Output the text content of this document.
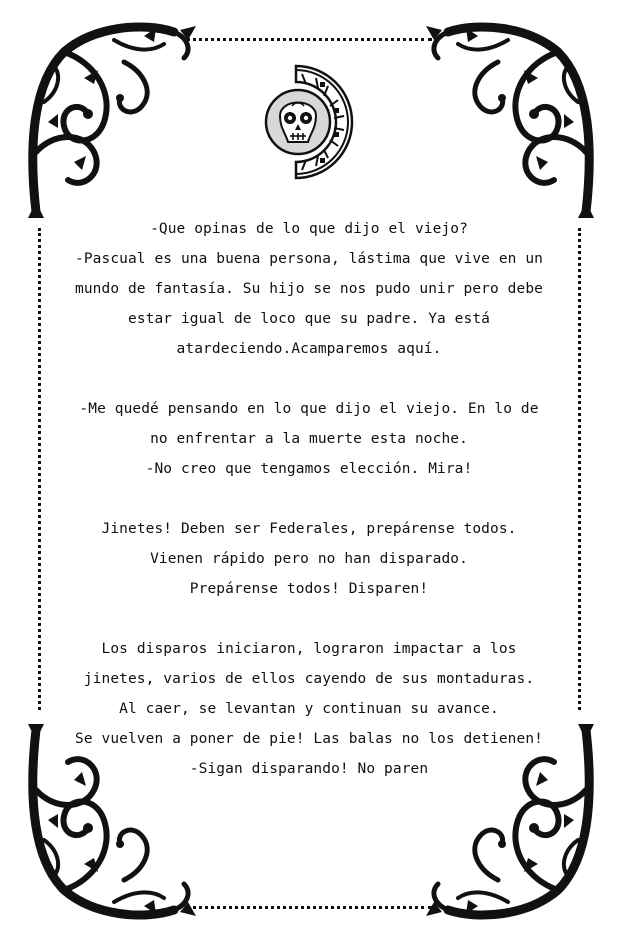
-Que opinas de lo que dijo el viejo?
-Pascual es una buena persona, lástima que vive en un
mundo de fantasía. Su hijo se nos pudo unir pero debe
estar igual de loco que su padre. Ya está
atardeciendo.Acamparemos aquí.
-Me quedé pensando en lo que dijo el viejo. En lo de
no enfrentar a la muerte esta noche.
-No creo que tengamos elección. Mira!
Jinetes! Deben ser Federales, prepárense todos.
Vienen rápido pero no han disparado.
Prepárense todos! Disparen!
Los disparos iniciaron, lograron impactar a los
jinetes, varios de ellos cayendo de sus montaduras.
Al caer, se levantan y continuan su avance.
Se vuelven a poner de pie! Las balas no los detienen!
-Sigan disparando! No paren
